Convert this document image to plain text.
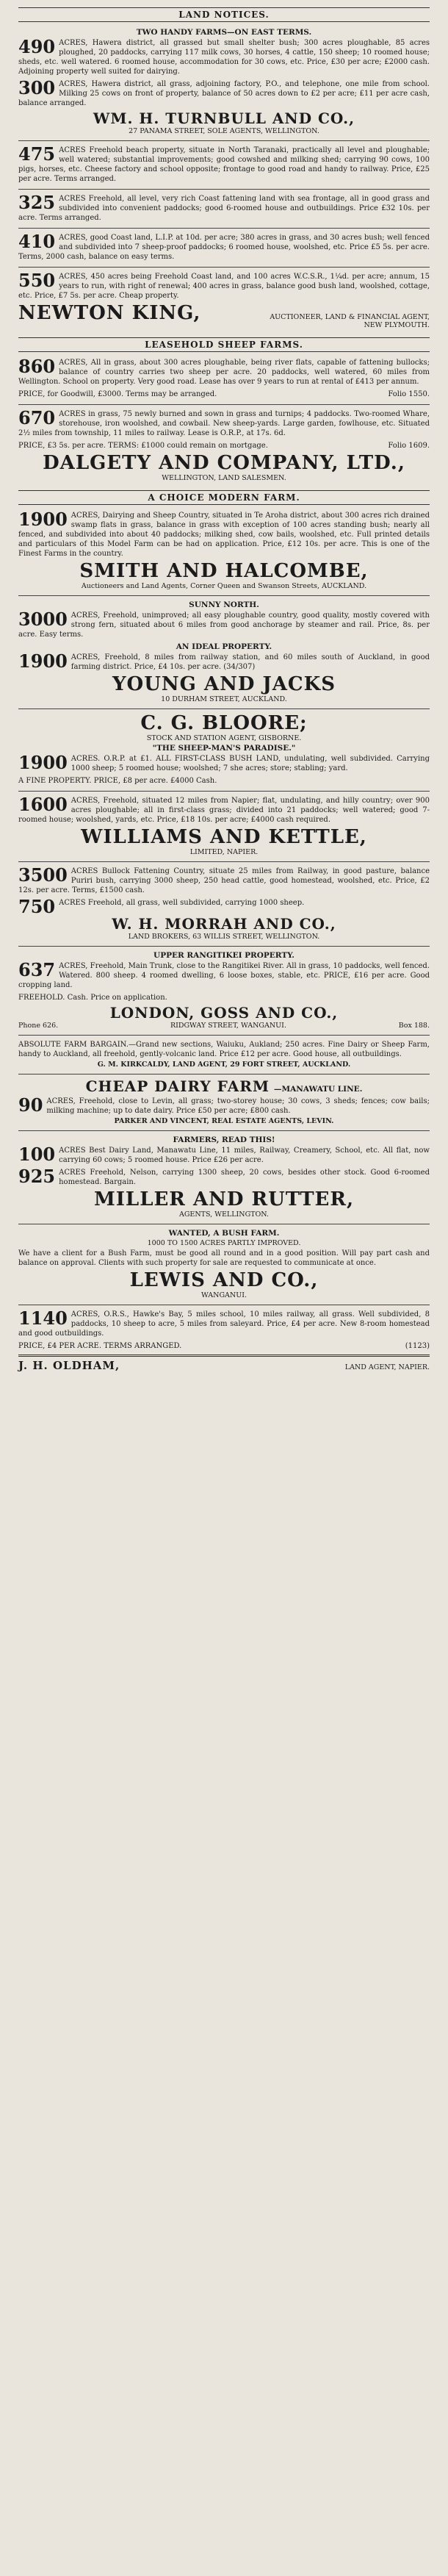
LAND NOTICES.
TWO HANDY FARMS—ON EAST TERMS.

490 ACRES, Hawera district, all grassed but small shelter bush; 300 acres ploughable, 85 acres ploughed, 20 paddocks, carrying 117 milk cows, 30 horses, 4 cattle, 150 sheep; 10 roomed house; sheds, etc. well watered. 6 roomed house, accommodation for 30 cows, etc. Price, £30 per acre; £2000 cash. Adjoining property well suited for dairying.

300 ACRES, Hawera district, all grass, adjoining factory, P.O., and telephone, one mile from school. Milking 25 cows on front of property, balance of 50 acres down to £2 per acre; £11 per acre cash, balance arranged.

WM. H. TURNBULL AND CO.,
27 PANAMA STREET, SOLE AGENTS, WELLINGTON.

475 ACRES Freehold beach property, situate in North Taranaki, practically all level and ploughable; well watered; substantial improvements; good cowshed and milking shed; carrying 90 cows, 100 pigs, horses, etc. Cheese factory and school opposite; frontage to good road and handy to railway. Price, £25 per acre. Terms arranged.

325 ACRES Freehold, all level, very rich Coast fattening land with sea frontage, all in good grass and subdivided into convenient paddocks; good 6-roomed house and outbuildings. Price £32 10s. per acre. Terms arranged.

410 ACRES, good Coast land, L.I.P. at 10d. per acre; 380 acres in grass, and 30 acres bush; well fenced and subdivided into 7 sheep-proof paddocks; 6 roomed house, woolshed, etc. Price £5 5s. per acre. Terms, 2000 cash, balance on easy terms.

550 ACRES, 450 acres being Freehold Coast land, and 100 acres W.C.S.R., 1¼d. per acre; annum, 15 years to run, with right of renewal; 400 acres in grass, balance good bush land, woolshed, cottage, etc. Price, £7 5s. per acre. Cheap property.

NEWTON KING,	AUCTIONEER, LAND & FINANCIAL AGENT, NEW PLYMOUTH.
LEASEHOLD SHEEP FARMS.

860 ACRES, All in grass, about 300 acres ploughable, being river flats, capable of fattening bullocks; balance of country carries two sheep per acre. 20 paddocks, well watered, 60 miles from Wellington. School on property. Very good road. Lease has over 9 years to run at rental of £413 per annum.

PRICE, for Goodwill, £3000. Terms may be arranged.	Folio 1550.

670 ACRES in grass, 75 newly burned and sown in grass and turnips; 4 paddocks. Two-roomed Whare, storehouse, iron woolshed, and cowbail. New sheep-yards. Large garden, fowlhouse, etc. Situated 2½ miles from township, 11 miles to railway. Lease is O.R.P., at 17s. 6d.

PRICE, £3 5s. per acre. TERMS: £1000 could remain on mortgage.	Folio 1609.
DALGETY AND COMPANY, LTD.,
WELLINGTON, LAND SALESMEN.
A CHOICE MODERN FARM.

1900 ACRES, Dairying and Sheep Country, situated in Te Aroha district, about 300 acres rich drained swamp flats in grass, balance in grass with exception of 100 acres standing bush; nearly all fenced, and subdivided into about 40 paddocks; milking shed, cow bails, woolshed, etc. Full printed details and particulars of this Model Farm can be had on application. Price, £12 10s. per acre. This is one of the Finest Farms in the country.

SMITH AND HALCOMBE,
Auctioneers and Land Agents, Corner Queen and Swanson Streets, AUCKLAND.
SUNNY NORTH.

3000 ACRES, Freehold, unimproved; all easy ploughable country, good quality, mostly covered with strong fern, situated about 6 miles from good anchorage by steamer and rail. Price, 8s. per acre. Easy terms.

AN IDEAL PROPERTY.

1900 ACRES, Freehold, 8 miles from railway station, and 60 miles south of Auckland, in good farming district. Price, £4 10s. per acre. (34/307)

YOUNG AND JACKS
10 DURHAM STREET, AUCKLAND.
C. G. BLOORE;
STOCK AND STATION AGENT, GISBORNE.
"THE SHEEP-MAN'S PARADISE."

1900 ACRES. O.R.P. at £1. ALL FIRST-CLASS BUSH LAND, undulating, well subdivided. Carrying 1000 sheep; 5 roomed house; woolshed; 7 she acres; store; stabling; yard.

A FINE PROPERTY. PRICE, £8 per acre. £4000 Cash.

1600 ACRES, Freehold, situated 12 miles from Napier; flat, undulating, and hilly country; over 900 acres ploughable; all in first-class grass; divided into 21 paddocks; well watered; good 7-roomed house; woolshed, yards, etc. Price, £18 10s. per acre; £4000 cash required.

WILLIAMS AND KETTLE,
LIMITED, NAPIER.

3500 ACRES Bullock Fattening Country, situate 25 miles from Railway, in good pasture, balance Puriri bush, carrying 3000 sheep, 250 head cattle, good homestead, woolshed, etc. Price, £2 12s. per acre. Terms, £1500 cash.

750 ACRES Freehold, all grass, well subdivided, carrying 1000 sheep.

W. H. MORRAH AND CO.,
LAND BROKERS, 63 WILLIS STREET, WELLINGTON.
UPPER RANGITIKEI PROPERTY.

637 ACRES, Freehold, Main Trunk, close to the Rangitikei River. All in grass, 10 paddocks, well fenced. Watered. 800 sheep. 4 roomed dwelling, 6 loose boxes, stable, etc. PRICE, £16 per acre. Good cropping land.

FREEHOLD. Cash. Price on application.
LONDON, GOSS AND CO.,
Phone 626.	RIDGWAY STREET, WANGANUI.	Box 188.

ABSOLUTE FARM BARGAIN.—Grand new sections, Waiuku, Aukland; 250 acres. Fine Dairy or Sheep Farm, handy to Auckland, all freehold, gently-volcanic land. Price £12 per acre. Good house, all outbuildings.

G. M. KIRKCALDY, LAND AGENT, 29 FORT STREET, AUCKLAND.
CHEAP DAIRY FARM —MANAWATU LINE.

90 ACRES, Freehold, close to Levin, all grass; two-storey house; 30 cows, 3 sheds; fences; cow bails; milking machine; up to date dairy. Price £50 per acre; £800 cash.

PARKER AND VINCENT, REAL ESTATE AGENTS, LEVIN.
FARMERS, READ THIS!

100 ACRES Best Dairy Land, Manawatu Line, 11 miles, Railway, Creamery, School, etc. All flat, now carrying 60 cows; 5 roomed house. Price £26 per acre.

925 ACRES Freehold, Nelson, carrying 1300 sheep, 20 cows, besides other stock. Good 6-roomed homestead. Bargain.

MILLER AND RUTTER,
AGENTS, WELLINGTON.
WANTED, A BUSH FARM.
1000 TO 1500 ACRES PARTLY IMPROVED.

We have a client for a Bush Farm, must be good all round and in a good position. Will pay part cash and balance on approval. Clients with such property for sale are requested to communicate at once.

LEWIS AND CO.,
WANGANUI.

1140 ACRES, O.R.S., Hawke's Bay, 5 miles school, 10 miles railway, all grass. Well subdivided, 8 paddocks, 10 sheep to acre, 5 miles from saleyard. Price, £4 per acre. New 8-room homestead and good outbuildings.

PRICE, £4 PER ACRE. TERMS ARRANGED.	(1123)
J. H. OLDHAM,	LAND AGENT, NAPIER.
